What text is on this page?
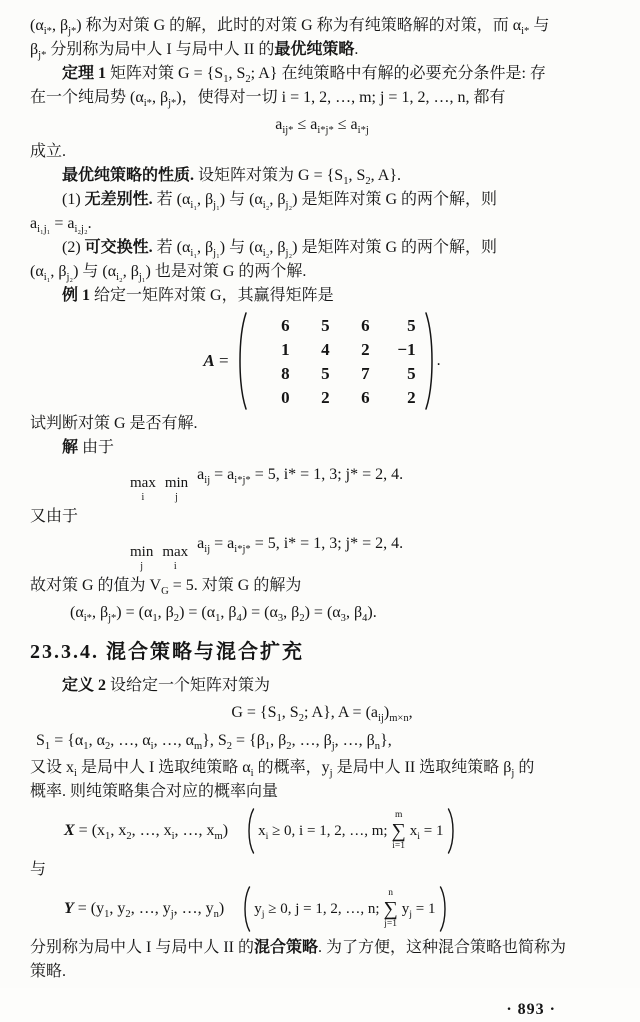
($\alpha_{i*}$, $\beta_{j*}$) 称为对策 G 的解，此时的对策 G 称为有纯策略解的对策，而 $\alpha_{i*}$ 与
$\beta_{j*}$ 分别称为局中人 I 与局中人 II 的最优纯策略.
定理 1 矩阵对策 $G = \{S_1$, $S_2$; A} 在纯策略中有解的必要充分条件是: 存
在一个纯局势 ($\alpha_{i*}$, $\beta_{j*}$)，使得对一切 i = 1, 2, …, m; j = 1, 2, …, n, 都有
$a_{ij*} \le a_{i*j*} \le a_{i*j}$
成立.
最优纯策略的性质. 设矩阵对策为 $G = \{S_1$, $S_2$, A}.
(1) 无差别性. 若 ($\alpha_{i_1}$, $\beta_{j_1}$) 与 ($\alpha_{i_2}$, $\beta_{j_2}$) 是矩阵对策 G 的两个解，则
$a_{i_1j_1} = a_{i_2j_2}$.
(2) 可交换性. 若 ($\alpha_{i_1}$, $\beta_{j_1}$) 与 ($\alpha_{i_2}$, $\beta_{j_2}$) 是矩阵对策 G 的两个解，则
($\alpha_{i_1}$, $\beta_{j_2}$) 与 ($\alpha_{i_2}$, $\beta_{j_1}$) 也是对策 G 的两个解.
例 1 给定一矩阵对策 G，其赢得矩阵是
A =
6	5	6	5
1	4	2	−1
8	5	7	5
0	2	6	2
.
试判断对策 G 是否有解.
解 由于
max
i

min
j
$a_{ij} = a_{i*j*} = 5$, i* = 1, 3; j* = 2, 4.
又由于
min
j

max
i
$a_{ij} = a_{i*j*} = 5$, i* = 1, 3; j* = 2, 4.
故对策 G 的值为 $V_G = 5$. 对策 G 的解为
($\alpha_{i*}$, $\beta_{j*}) = (\alpha_1$, $\beta_2) = (\alpha_1$, $\beta_4) = (\alpha_3$, $\beta_2) = (\alpha_3$, $\beta_4$).
23.3.4. 混合策略与混合扩充
定义 2 设给定一个矩阵对策为
$G = \{S_1$, $S_2$; A}, $A = (a_{ij})_{m\times n}$,
$S_1 = \{\alpha_1$, $\alpha_2$, …, $\alpha_i$, …, $\alpha_m$}, $S_2 = \{\beta_1$, $\beta_2$, …, $\beta_j$, …, $\beta_n$},
又设 $x_i$ 是局中人 I 选取纯策略 $\alpha_i$ 的概率，$y_j$ 是局中人 II 选取纯策略 $\beta_j$ 的
概率. 则纯策略集合对应的概率向量
$X = (x_1$, $x_2$, …, $x_i$, …, $x_m$) $x_i \ge 0$, i = 1, 2, …, m;
m
∑
i=1
$x_i = 1$
与
$Y = (y_1$, $y_2$, …, $y_j$, …, $y_n$) $y_j \ge 0$, j = 1, 2, …, n;
n
∑
j=1
$y_j = 1$
分别称为局中人 I 与局中人 II 的混合策略. 为了方便，这种混合策略也简称为
策略.
· 893 ·
